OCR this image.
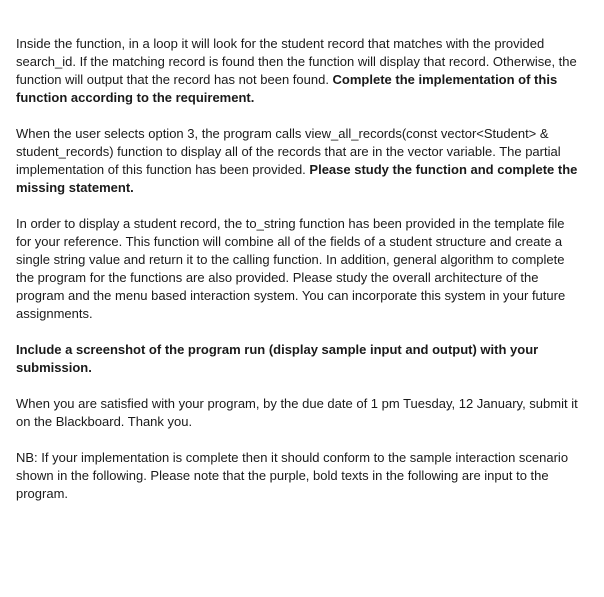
Inside the function, in a loop it will look for the student record that matches with the provided search_id. If the matching record is found then the function will display that record. Otherwise, the function will output that the record has not been found. Complete the implementation of this function according to the requirement.

When the user selects option 3, the program calls view_all_records(const vector<Student> & student_records) function to display all of the records that are in the vector variable. The partial implementation of this function has been provided. Please study the function and complete the missing statement.

In order to display a student record, the to_string function has been provided in the template file for your reference. This function will combine all of the fields of a student structure and create a single string value and return it to the calling function. In addition, general algorithm to complete the program for the functions are also provided. Please study the overall architecture of the program and the menu based interaction system. You can incorporate this system in your future assignments.

Include a screenshot of the program run (display sample input and output) with your submission.

When you are satisfied with your program, by the due date of 1 pm Tuesday, 12 January, submit it on the Blackboard. Thank you.

NB: If your implementation is complete then it should conform to the sample interaction scenario shown in the following. Please note that the purple, bold texts in the following are input to the program.
